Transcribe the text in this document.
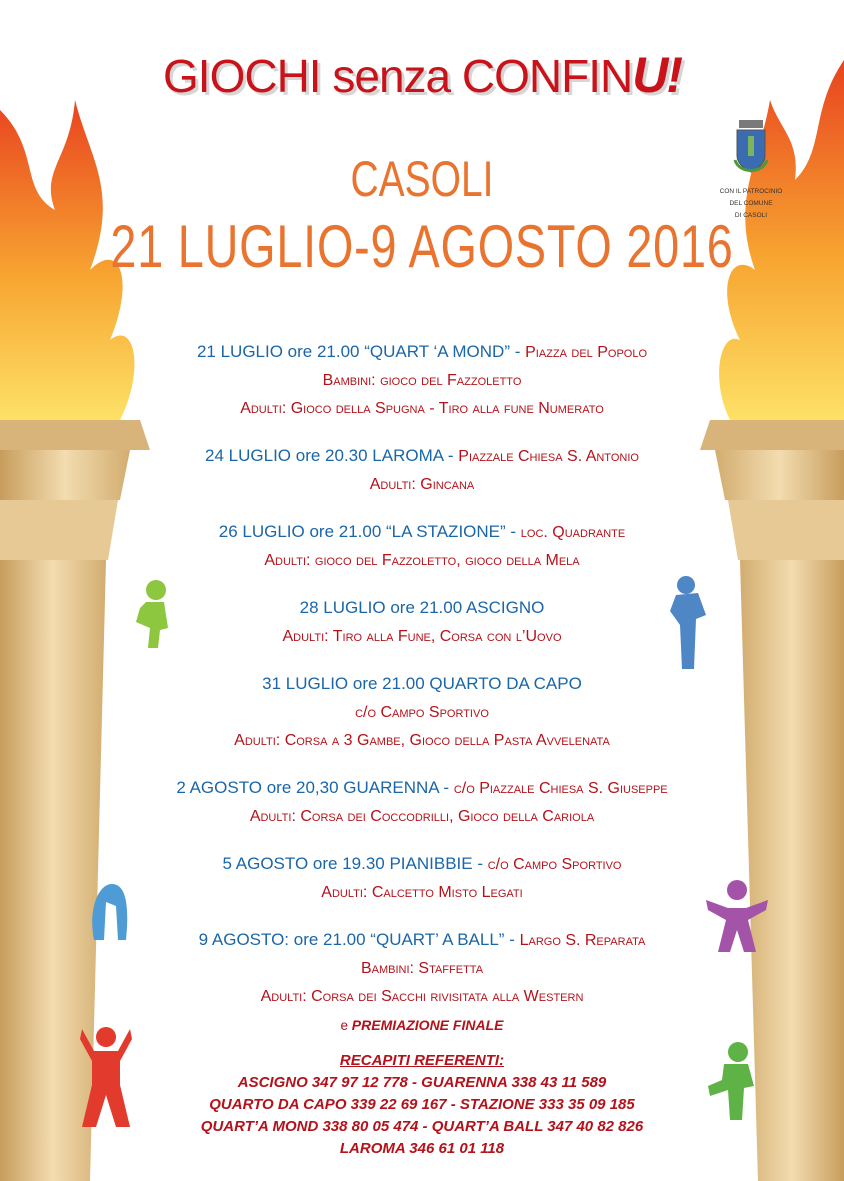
GIOCHI senza CONFINU!
CON IL PATROCINIO
DEL COMUNE
DI CASOLI
CASOLI
21 LUGLIO-9 AGOSTO 2016
21 LUGLIO ore 21.00 “QUART ‘A MOND” - Piazza del Popolo
Bambini: gioco del Fazzoletto
Adulti: Gioco della Spugna - Tiro alla fune Numerato
24 LUGLIO ore 20.30 LAROMA - Piazzale Chiesa S. Antonio
Adulti: Gincana
26 LUGLIO ore 21.00 “LA STAZIONE” - loc. Quadrante
Adulti: gioco del Fazzoletto, gioco della Mela
28 LUGLIO ore 21.00 ASCIGNO
Adulti: Tiro alla Fune, Corsa con l’Uovo
31 LUGLIO ore 21.00 QUARTO DA CAPO
c/o Campo Sportivo
Adulti: Corsa a 3 Gambe, Gioco della Pasta Avvelenata
2 AGOSTO ore 20,30 GUARENNA - c/o Piazzale Chiesa S. Giuseppe
Adulti: Corsa dei Coccodrilli, Gioco della Cariola
5 AGOSTO ore 19.30 PIANIBBIE - c/o Campo Sportivo
Adulti: Calcetto Misto Legati
9 AGOSTO: ore 21.00 “QUART’ A BALL” - Largo S. Reparata
Bambini: Staffetta
Adulti: Corsa dei Sacchi rivisitata alla Western
e PREMIAZIONE FINALE
RECAPITI REFERENTI:
ASCIGNO 347 97 12 778 - GUARENNA 338 43 11 589
QUARTO DA CAPO 339 22 69 167 - STAZIONE 333 35 09 185
QUART’A MOND 338 80 05 474 - QUART’A BALL 347 40 82 826
LAROMA 346 61 01 118
